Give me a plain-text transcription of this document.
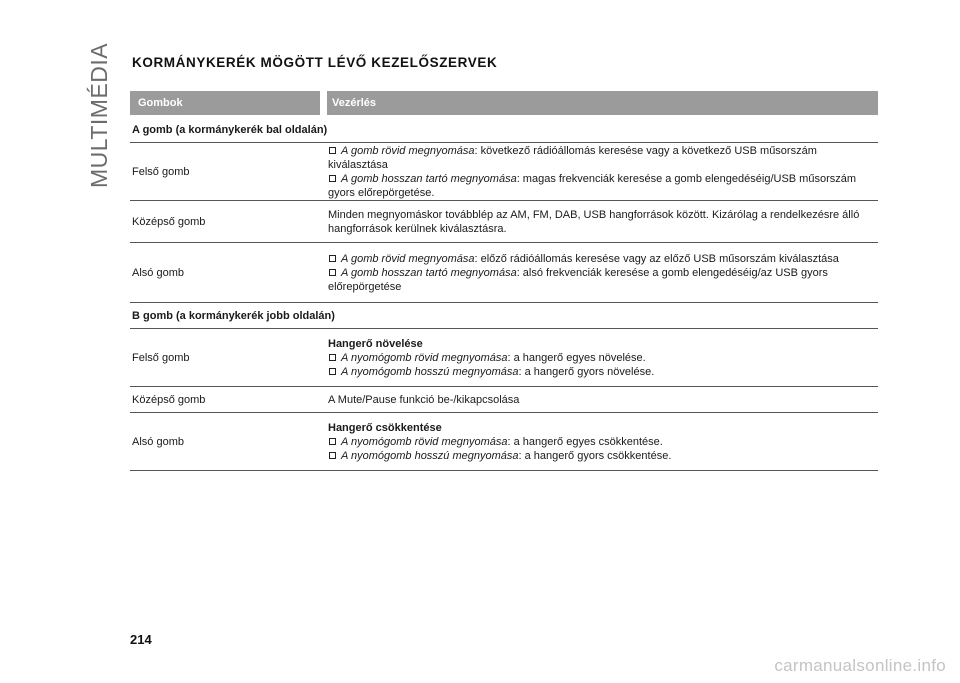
MULTIMÉDIA KORMÁNYKERÉK MÖGÖTT LÉVŐ KEZELŐSZERVEK
Gombok	Vezérlés
A gomb (a kormánykerék bal oldalán)
Felső gomb
A gomb rövid megnyomása: következő rádióállomás keresése vagy a következő USB műsorszám kiválasztása
A gomb hosszan tartó megnyomása: magas frekvenciák keresése a gomb elengedéséig/USB műsorszám gyors előrepörgetése.
Középső gomb
Minden megnyomáskor továbblép az AM, FM, DAB, USB hangforrások között. Kizárólag a rendelkezésre álló hangforrások kerülnek kiválasztásra.
Alsó gomb
A gomb rövid megnyomása: előző rádióállomás keresése vagy az előző USB műsorszám kiválasztása
A gomb hosszan tartó megnyomása: alsó frekvenciák keresése a gomb elengedéséig/az USB gyors előrepörgetése
B gomb (a kormánykerék jobb oldalán)
Felső gomb
Hangerő növelése
A nyomógomb rövid megnyomása: a hangerő egyes növelése.
A nyomógomb hosszú megnyomása: a hangerő gyors növelése.
Középső gomb	A Mute/Pause funkció be-/kikapcsolása
Alsó gomb
Hangerő csökkentése
A nyomógomb rövid megnyomása: a hangerő egyes csökkentése.
A nyomógomb hosszú megnyomása: a hangerő gyors csökkentése.
214
carmanualsonline.info
